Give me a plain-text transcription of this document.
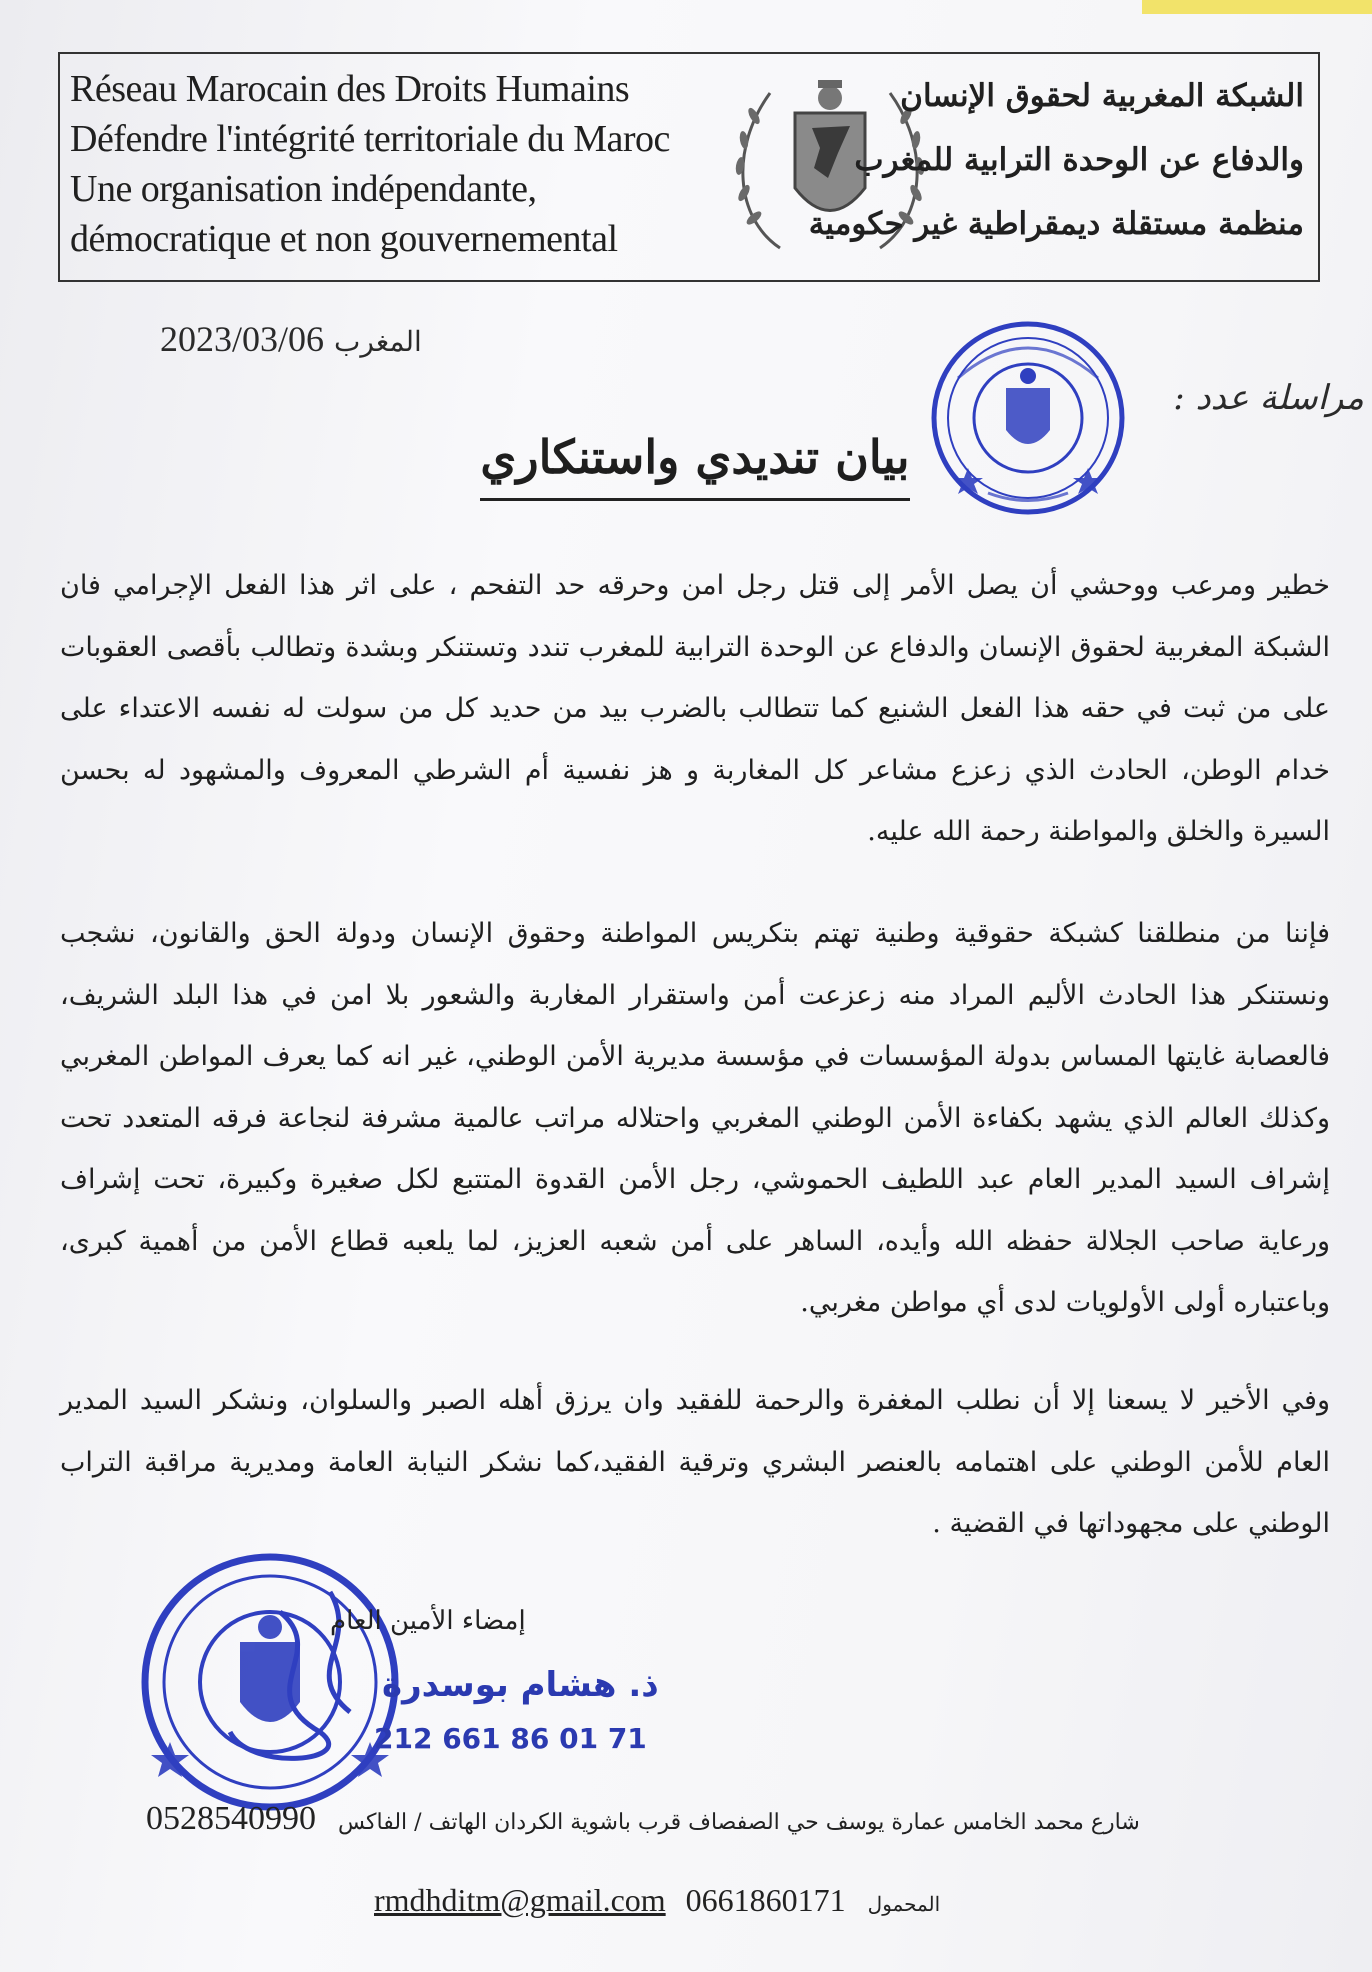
Réseau Marocain des Droits Humains
Défendre l'intégrité territoriale du Maroc
Une organisation indépendante,
démocratique et non gouvernemental
الشبكة المغربية لحقوق الإنسان
والدفاع عن الوحدة الترابية للمغرب
منظمة مستقلة ديمقراطية غير حكومية
2023/03/06 المغرب
مراسلة عدد :
بيان تنديدي واستنكاري

خطير ومرعب ووحشي أن يصل الأمر إلى قتل رجل امن وحرقه حد التفحم ، على اثر هذا الفعل الإجرامي فان الشبكة المغربية لحقوق الإنسان والدفاع عن الوحدة الترابية للمغرب تندد وتستنكر وبشدة وتطالب بأقصى العقوبات على من ثبت في حقه هذا الفعل الشنيع كما تتطالب بالضرب بيد من حديد كل من سولت له نفسه الاعتداء على خدام الوطن، الحادث الذي زعزع مشاعر كل المغاربة و هز نفسية أم الشرطي المعروف والمشهود له بحسن السيرة والخلق والمواطنة رحمة الله عليه.

فإننا من منطلقنا كشبكة حقوقية وطنية تهتم بتكريس المواطنة وحقوق الإنسان ودولة الحق والقانون، نشجب ونستنكر هذا الحادث الأليم المراد منه زعزعت أمن واستقرار المغاربة والشعور بلا امن في هذا البلد الشريف، فالعصابة غايتها المساس بدولة المؤسسات في مؤسسة مديرية الأمن الوطني، غير انه كما يعرف المواطن المغربي وكذلك العالم الذي يشهد بكفاءة الأمن الوطني المغربي واحتلاله مراتب عالمية مشرفة لنجاعة فرقه المتعدد تحت إشراف السيد المدير العام عبد اللطيف الحموشي، رجل الأمن القدوة المتتبع لكل صغيرة وكبيرة، تحت إشراف ورعاية صاحب الجلالة حفظه الله وأيده، الساهر على أمن شعبه العزيز، لما يلعبه قطاع الأمن من أهمية كبرى، وباعتباره أولى الأولويات لدى أي مواطن مغربي.

وفي الأخير لا يسعنا إلا أن نطلب المغفرة والرحمة للفقيد وان يرزق أهله الصبر والسلوان، ونشكر السيد المدير العام للأمن الوطني على اهتمامه بالعنصر البشري وترقية الفقيد،كما نشكر النيابة العامة ومديرية مراقبة التراب الوطني على مجهوداتها في القضية .

إمضاء الأمين العام
ذ. هشام بوسدرة
212 661 86 01 71
0528540990 شارع محمد الخامس عمارة يوسف حي الصفصاف قرب باشوية الكردان الهاتف / الفاكس
rmdhditm@gmail.com 0661860171 المحمول
